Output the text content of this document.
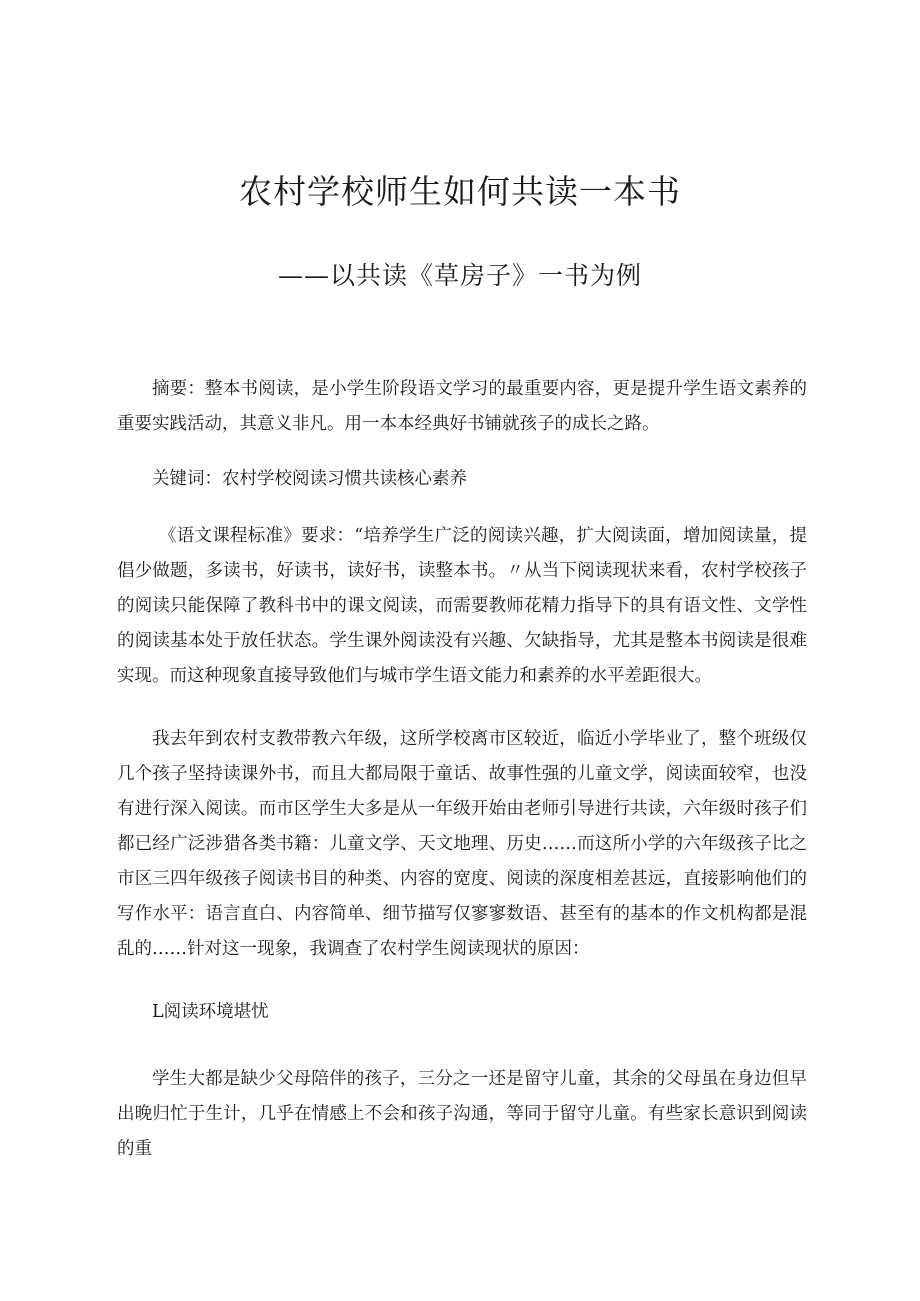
农村学校师生如何共读一本书
——以共读《草房子》一书为例

摘要：整本书阅读，是小学生阶段语文学习的最重要内容，更是提升学生语文素养的重要实践活动，其意义非凡。用一本本经典好书铺就孩子的成长之路。

关键词：农村学校阅读习惯共读核心素养

《语文课程标准》要求：“培养学生广泛的阅读兴趣，扩大阅读面，增加阅读量，提倡少做题，多读书，好读书，读好书，读整本书。〃从当下阅读现状来看，农村学校孩子的阅读只能保障了教科书中的课文阅读，而需要教师花精力指导下的具有语文性、文学性的阅读基本处于放任状态。学生课外阅读没有兴趣、欠缺指导，尤其是整本书阅读是很难实现。而这种现象直接导致他们与城市学生语文能力和素养的水平差距很大。

我去年到农村支教带教六年级，这所学校离市区较近，临近小学毕业了，整个班级仅几个孩子坚持读课外书，而且大都局限于童话、故事性强的儿童文学，阅读面较窄，也没有进行深入阅读。而市区学生大多是从一年级开始由老师引导进行共读，六年级时孩子们都已经广泛涉猎各类书籍：儿童文学、天文地理、历史……而这所小学的六年级孩子比之市区三四年级孩子阅读书目的种类、内容的宽度、阅读的深度相差甚远，直接影响他们的写作水平：语言直白、内容简单、细节描写仅寥寥数语、甚至有的基本的作文机构都是混乱的……针对这一现象，我调查了农村学生阅读现状的原因：

L阅读环境堪忧

学生大都是缺少父母陪伴的孩子，三分之一还是留守儿童，其余的父母虽在身边但早出晚归忙于生计，几乎在情感上不会和孩子沟通，等同于留守儿童。有些家长意识到阅读的重
